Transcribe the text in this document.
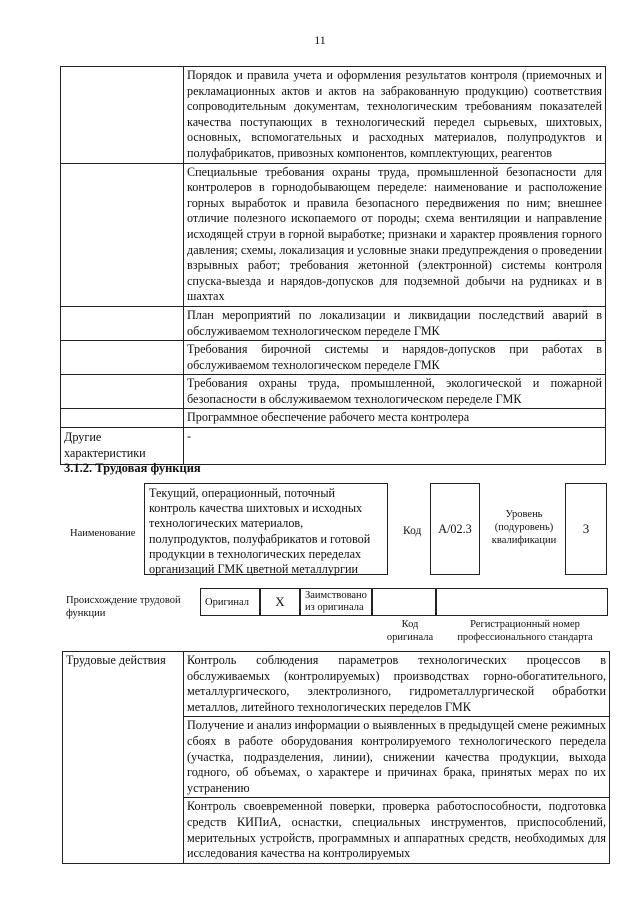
11
	Порядок и правила учета и оформления результатов контроля (приемочных и рекламационных актов и актов на забракованную продукцию) соответствия сопроводительным документам, технологическим требованиям показателей качества поступающих в технологический передел сырьевых, шихтовых, основных, вспомогательных и расходных материалов, полупродуктов и полуфабрикатов, привозных компонентов, комплектующих, реагентов
	Специальные требования охраны труда, промышленной безопасности для контролеров в горнодобывающем переделе: наименование и расположение горных выработок и правила безопасного передвижения по ним; внешнее отличие полезного ископаемого от породы; схема вентиляции и направление исходящей струи в горной выработке; признаки и характер проявления горного давления; схемы, локализация и условные знаки предупреждения о проведении взрывных работ; требования жетонной (электронной) системы контроля спуска-выезда и нарядов-допусков для подземной добычи на рудниках и в шахтах
	План мероприятий по локализации и ликвидации последствий аварий в обслуживаемом технологическом переделе ГМК
	Требования бирочной системы и нарядов-допусков при работах в обслуживаемом технологическом переделе ГМК
	Требования охраны труда, промышленной, экологической и пожарной безопасности в обслуживаемом технологическом переделе ГМК
	Программное обеспечение рабочего места контролера
Другие характеристики	-
3.1.2. Трудовая функция
Наименование
Текущий, операционный, поточный контроль качества шихтовых и исходных технологических материалов, полупродуктов, полуфабрикатов и готовой продукции в технологических переделах организаций ГМК цветной металлургии
Код	A/02.3
Уровень (подуровень) квалификации
3
Происхождение трудовой функции
Оригинал	X	Заимствовано из оригинала
Код оригинала
Регистрационный номер профессионального стандарта
Трудовые действия	Контроль соблюдения параметров технологических процессов в обслуживаемых (контролируемых) производствах горно-обогатительного, металлургического, электролизного, гидрометаллургической обработки металлов, литейного технологических переделов ГМК
Получение и анализ информации о выявленных в предыдущей смене режимных сбоях в работе оборудования контролируемого технологического передела (участка, подразделения, линии), снижении качества продукции, выхода годного, об объемах, о характере и причинах брака, принятых мерах по их устранению
Контроль своевременной поверки, проверка работоспособности, подготовка средств КИПиА, оснастки, специальных инструментов, приспособлений, мерительных устройств, программных и аппаратных средств, необходимых для исследования качества на контролируемых
